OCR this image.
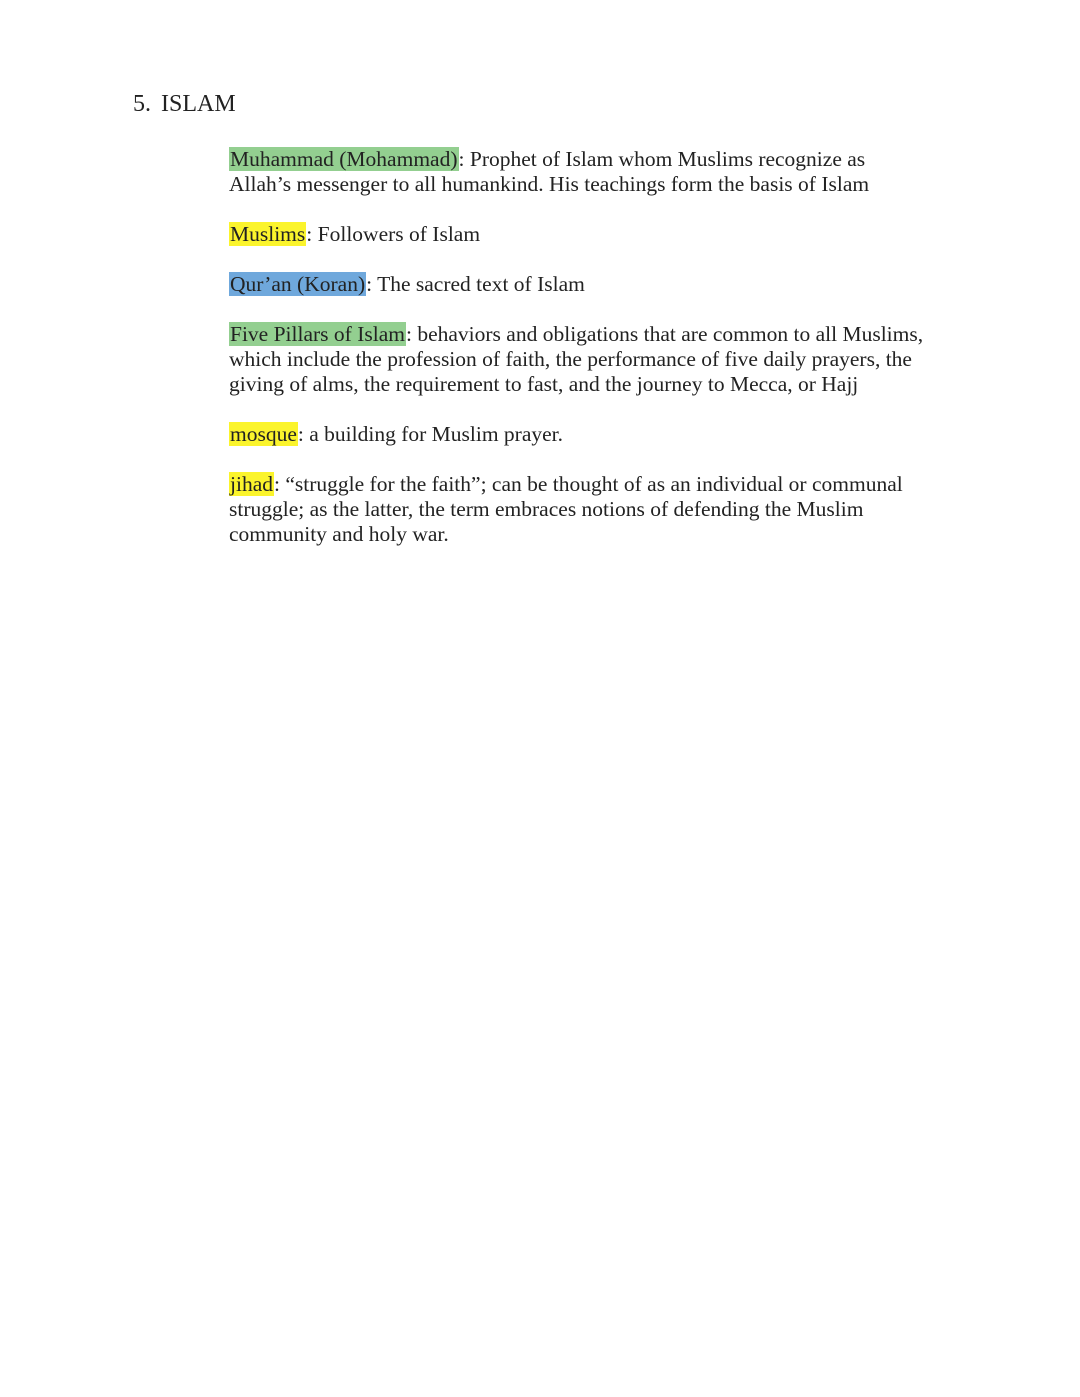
5. ISLAM

Muhammad (Mohammad): Prophet of Islam whom Muslims recognize as
Allah’s messenger to all humankind. His teachings form the basis of Islam

Muslims: Followers of Islam

Qur’an (Koran): The sacred text of Islam

Five Pillars of Islam: behaviors and obligations that are common to all Muslims,
which include the profession of faith, the performance of five daily prayers, the
giving of alms, the requirement to fast, and the journey to Mecca, or Hajj

mosque: a building for Muslim prayer.

jihad: “struggle for the faith”; can be thought of as an individual or communal
struggle; as the latter, the term embraces notions of defending the Muslim
community and holy war.
